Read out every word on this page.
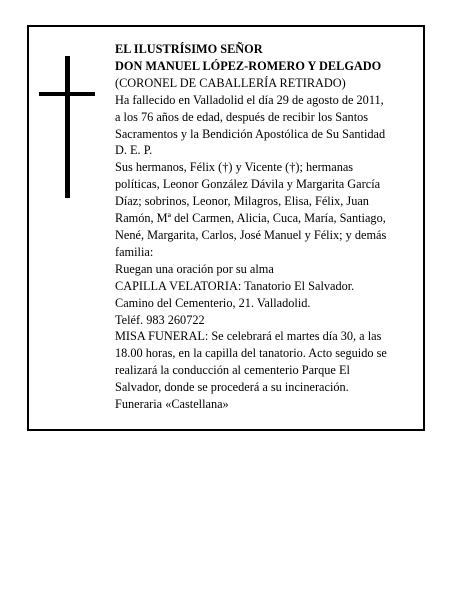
EL ILUSTRÍSIMO SEÑOR
DON MANUEL LÓPEZ-ROMERO Y DELGADO
(CORONEL DE CABALLERÍA RETIRADO)
Ha fallecido en Valladolid el día 29 de agosto de 2011,
a los 76 años de edad, después de recibir los Santos
Sacramentos y la Bendición Apostólica de Su Santidad
D. E. P.
Sus hermanos, Félix (†) y Vicente (†); hermanas
políticas, Leonor González Dávila y Margarita García
Díaz; sobrinos, Leonor, Milagros, Elisa, Félix, Juan
Ramón, Mª del Carmen, Alicia, Cuca, María, Santiago,
Nené, Margarita, Carlos, José Manuel y Félix; y demás
familia:
Ruegan una oración por su alma
CAPILLA VELATORIA: Tanatorio El Salvador.
Camino del Cementerio, 21. Valladolid.
Teléf. 983 260722
MISA FUNERAL: Se celebrará el martes día 30, a las
18.00 horas, en la capilla del tanatorio. Acto seguido se
realizará la conducción al cementerio Parque El
Salvador, donde se procederá a su incineración.
Funeraria «Castellana»
